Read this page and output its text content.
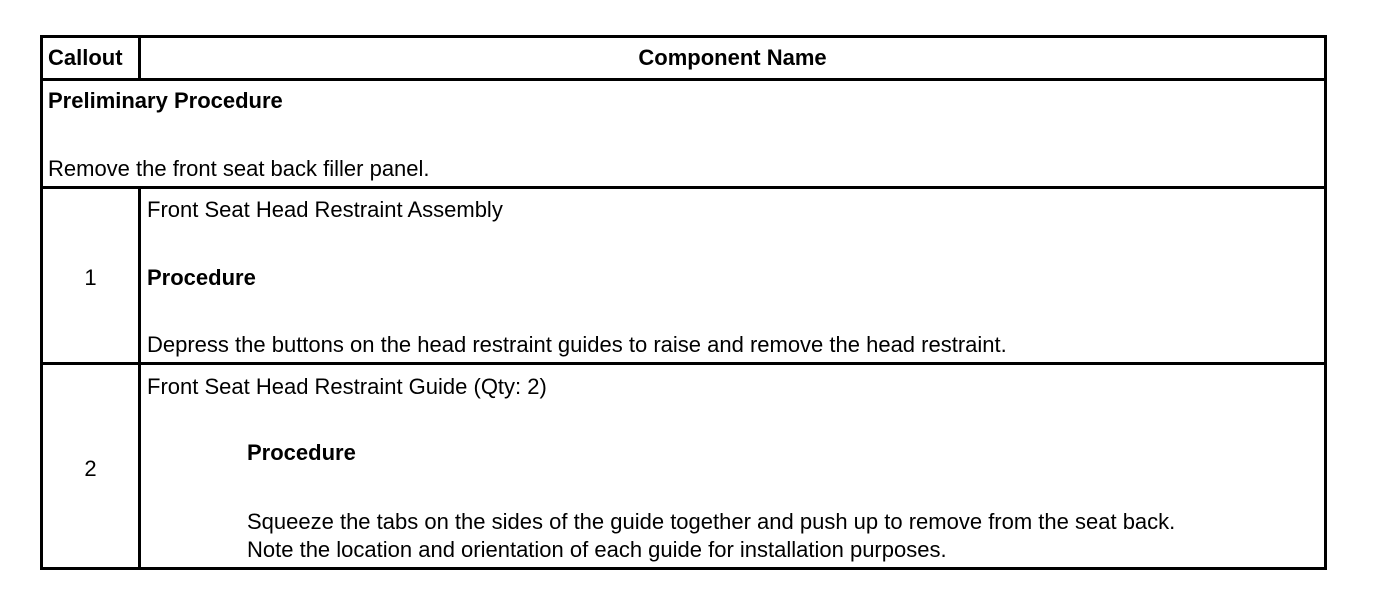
Callout	Component Name
Preliminary Procedure
Remove the front seat back filler panel.
1
Front Seat Head Restraint Assembly
Procedure
Depress the buttons on the head restraint guides to raise and remove the head restraint.
2
Front Seat Head Restraint Guide (Qty: 2)
Procedure
Squeeze the tabs on the sides of the guide together and push up to remove from the seat back.
Note the location and orientation of each guide for installation purposes.
